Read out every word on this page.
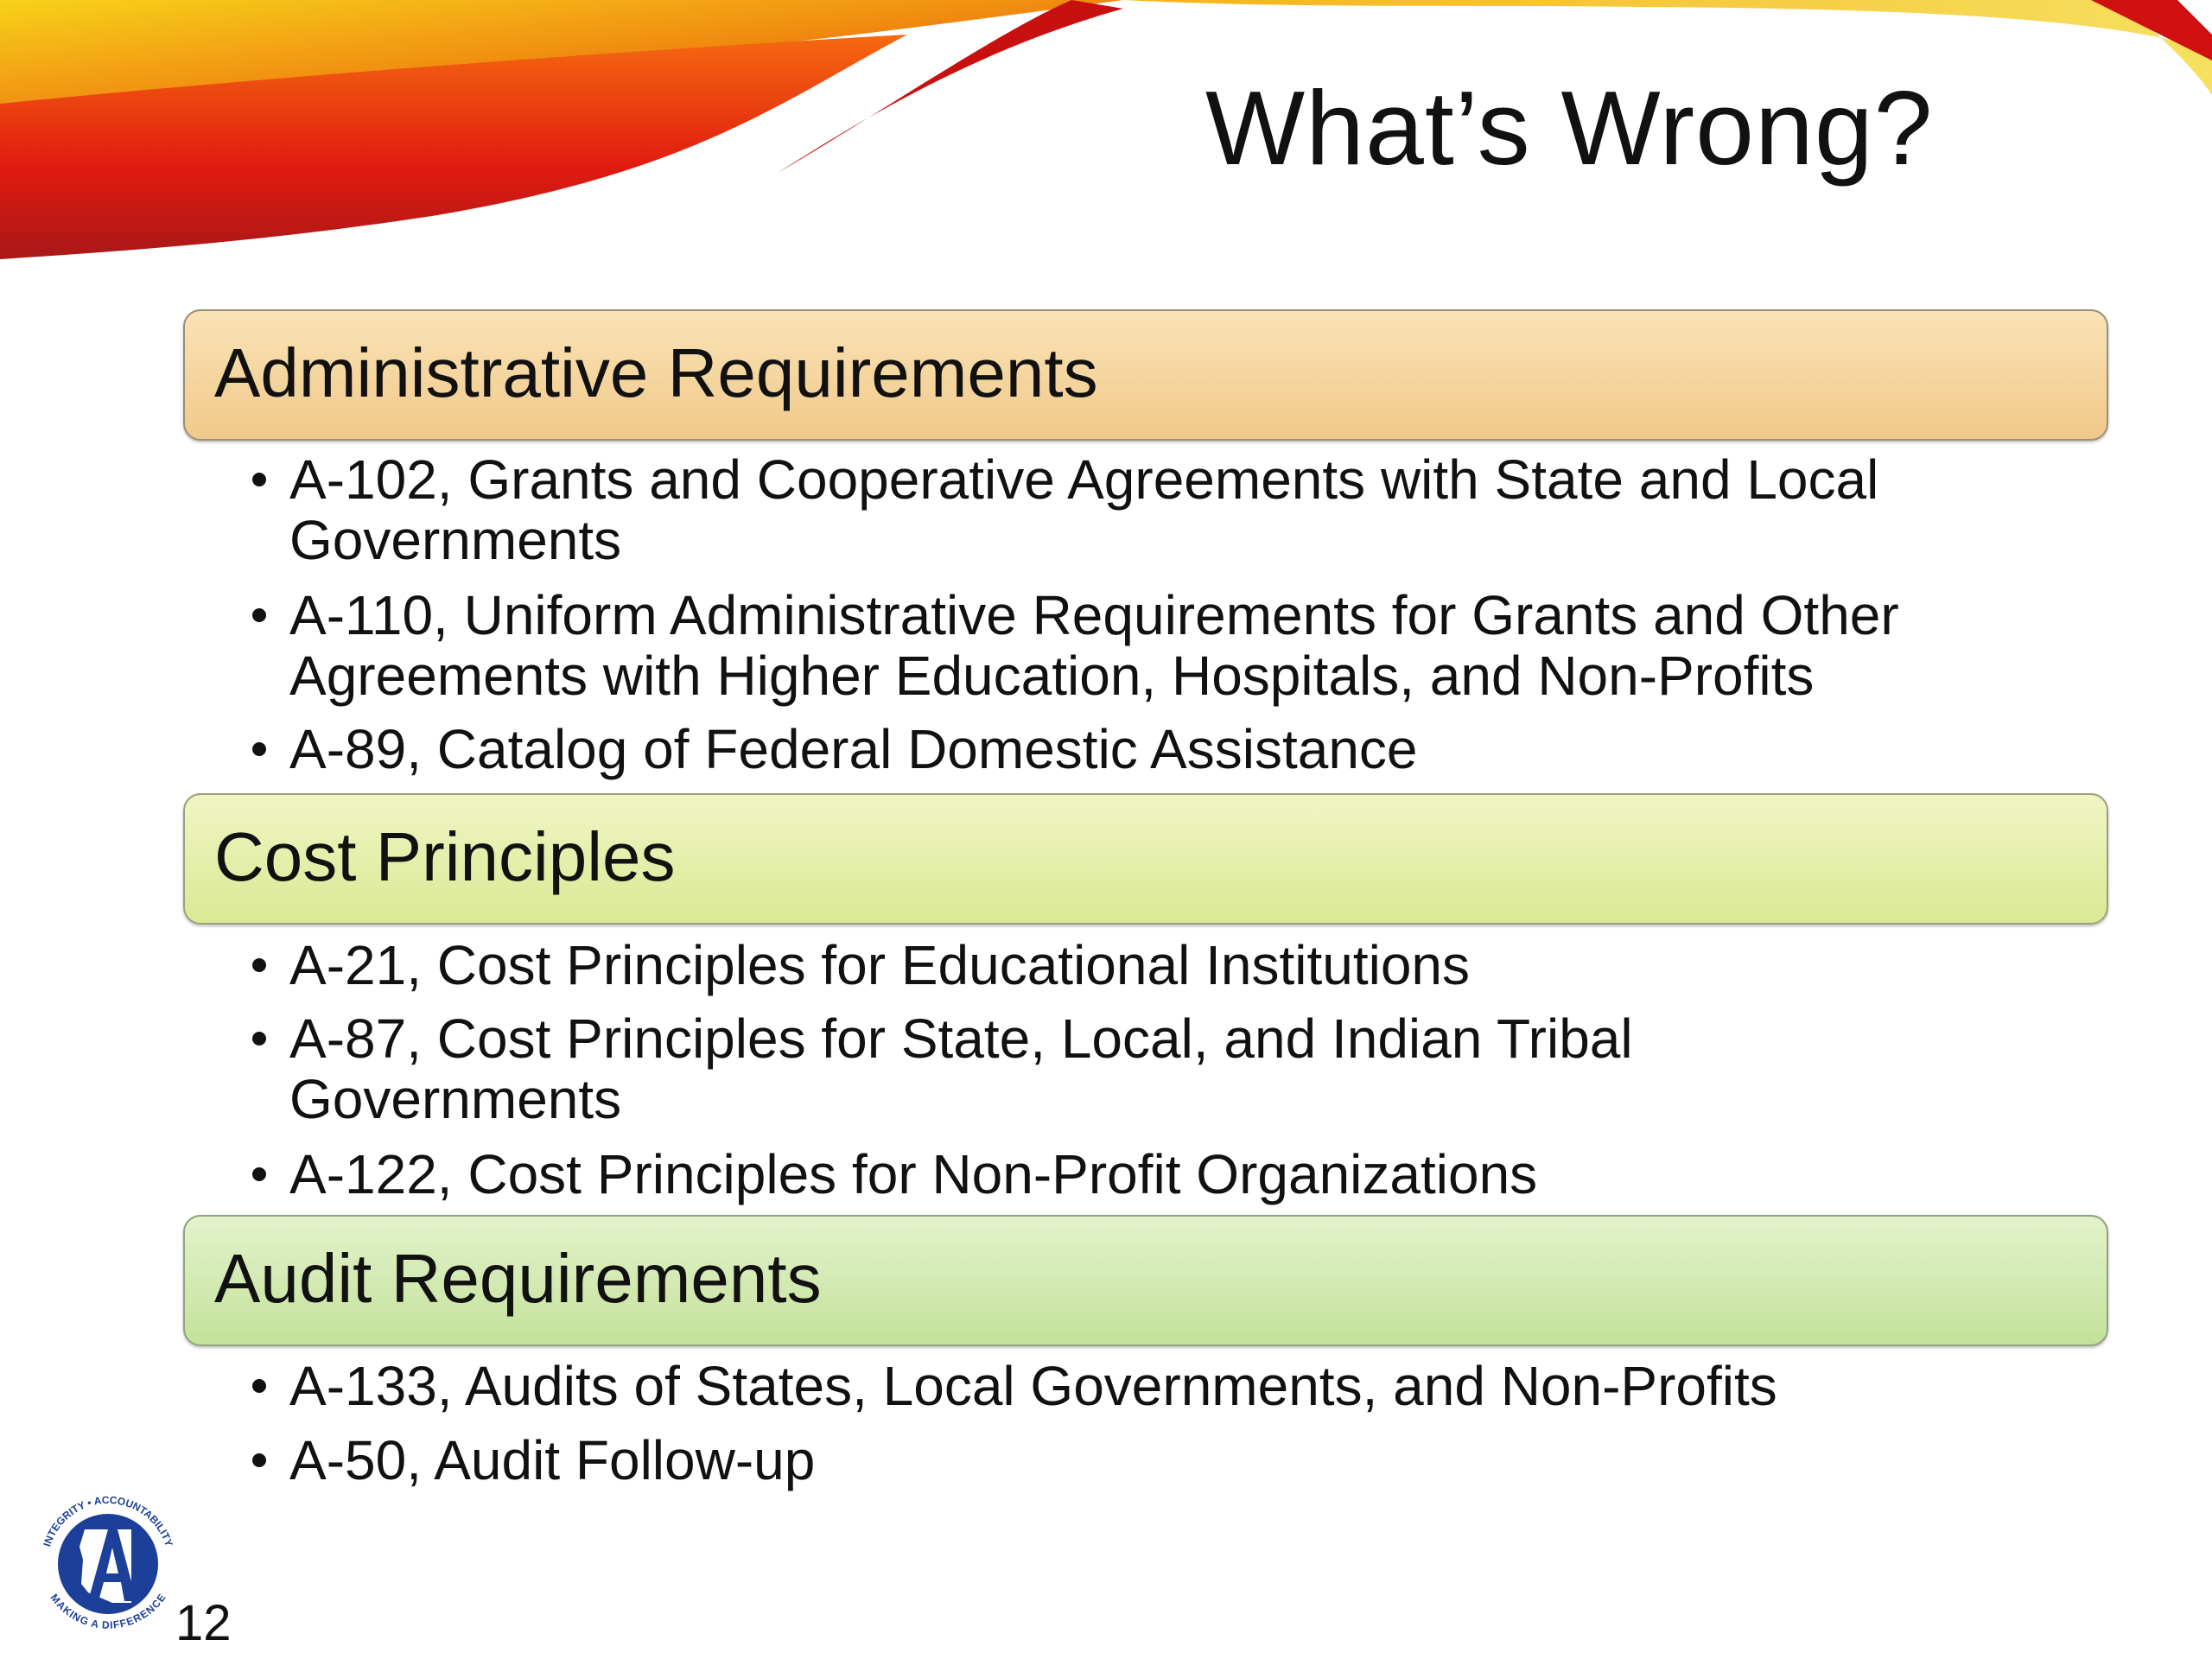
What’s Wrong?
Administrative Requirements
A-102, Grants and Cooperative Agreements with State and Local
Governments
A-110, Uniform Administrative Requirements for Grants and Other
Agreements with Higher Education, Hospitals, and Non-Profits
A-89, Catalog of Federal Domestic Assistance
Cost Principles
A-21, Cost Principles for Educational Institutions
A-87, Cost Principles for State, Local, and Indian Tribal
Governments
A-122, Cost Principles for Non-Profit Organizations
Audit Requirements
A-133, Audits of States, Local Governments, and Non-Profits
A-50, Audit Follow-up
INTEGRITY • ACCOUNTABILITY
MAKING A DIFFERENCE 12
